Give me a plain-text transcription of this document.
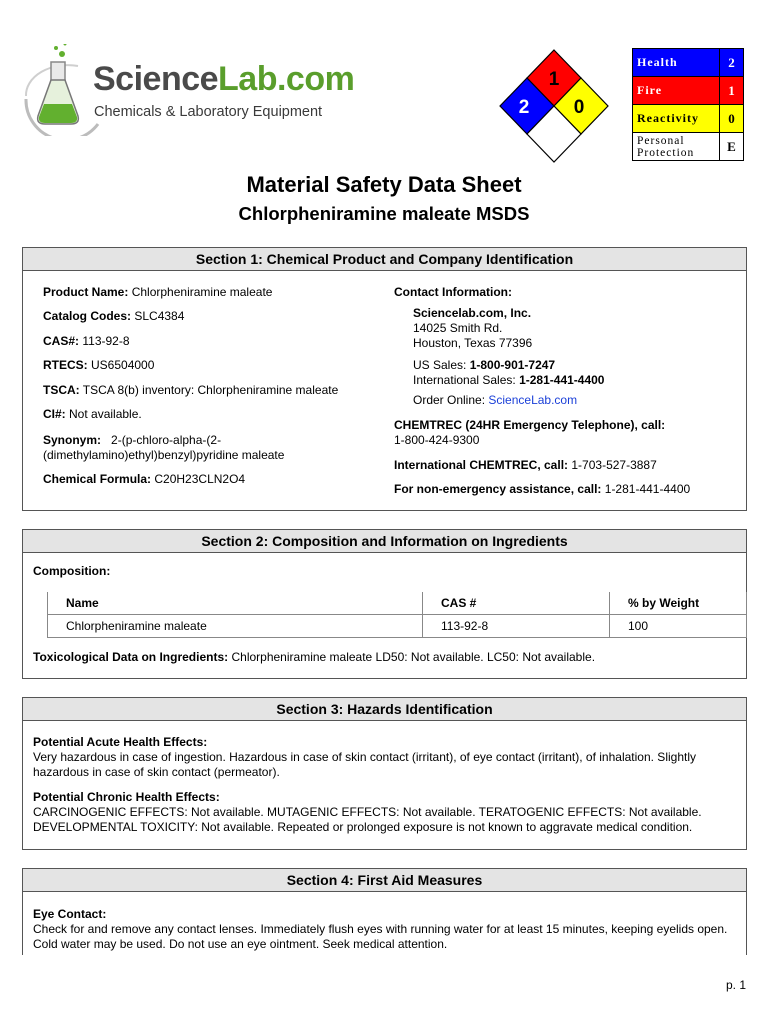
ScienceLab.com
Chemicals & Laboratory Equipment
1
2 0
Health	2
Fire	1
Reactivity	0
Personal
Protection	E
Material Safety Data Sheet
Chlorpheniramine maleate MSDS
Section 1: Chemical Product and Company Identification
Product Name: Chlorpheniramine maleate
Catalog Codes: SLC4384
CAS#: 113-92-8
RTECS: US6504000
TSCA: TSCA 8(b) inventory: Chlorpheniramine maleate
CI#: Not available.
Synonym: 2-(p-chloro-alpha-(2-
(dimethylamino)ethyl)benzyl)pyridine maleate
Chemical Formula: C20H23CLN2O4
Contact Information:
Sciencelab.com, Inc.
14025 Smith Rd.
Houston, Texas 77396
US Sales: 1-800-901-7247
International Sales: 1-281-441-4400
Order Online: ScienceLab.com
CHEMTREC (24HR Emergency Telephone), call:
1-800-424-9300
International CHEMTREC, call: 1-703-527-3887
For non-emergency assistance, call: 1-281-441-4400
Section 2: Composition and Information on Ingredients
Composition:
Name	CAS #	% by Weight
Chlorpheniramine maleate	113-92-8	100
Toxicological Data on Ingredients: Chlorpheniramine maleate LD50: Not available. LC50: Not available.
Section 3: Hazards Identification
Potential Acute Health Effects:
Very hazardous in case of ingestion. Hazardous in case of skin contact (irritant), of eye contact (irritant), of inhalation. Slightly hazardous in case of skin contact (permeator).
Potential Chronic Health Effects:
CARCINOGENIC EFFECTS: Not available. MUTAGENIC EFFECTS: Not available. TERATOGENIC EFFECTS: Not available. DEVELOPMENTAL TOXICITY: Not available. Repeated or prolonged exposure is not known to aggravate medical condition.
Section 4: First Aid Measures
Eye Contact:
Check for and remove any contact lenses. Immediately flush eyes with running water for at least 15 minutes, keeping eyelids open. Cold water may be used. Do not use an eye ointment. Seek medical attention.
p. 1
